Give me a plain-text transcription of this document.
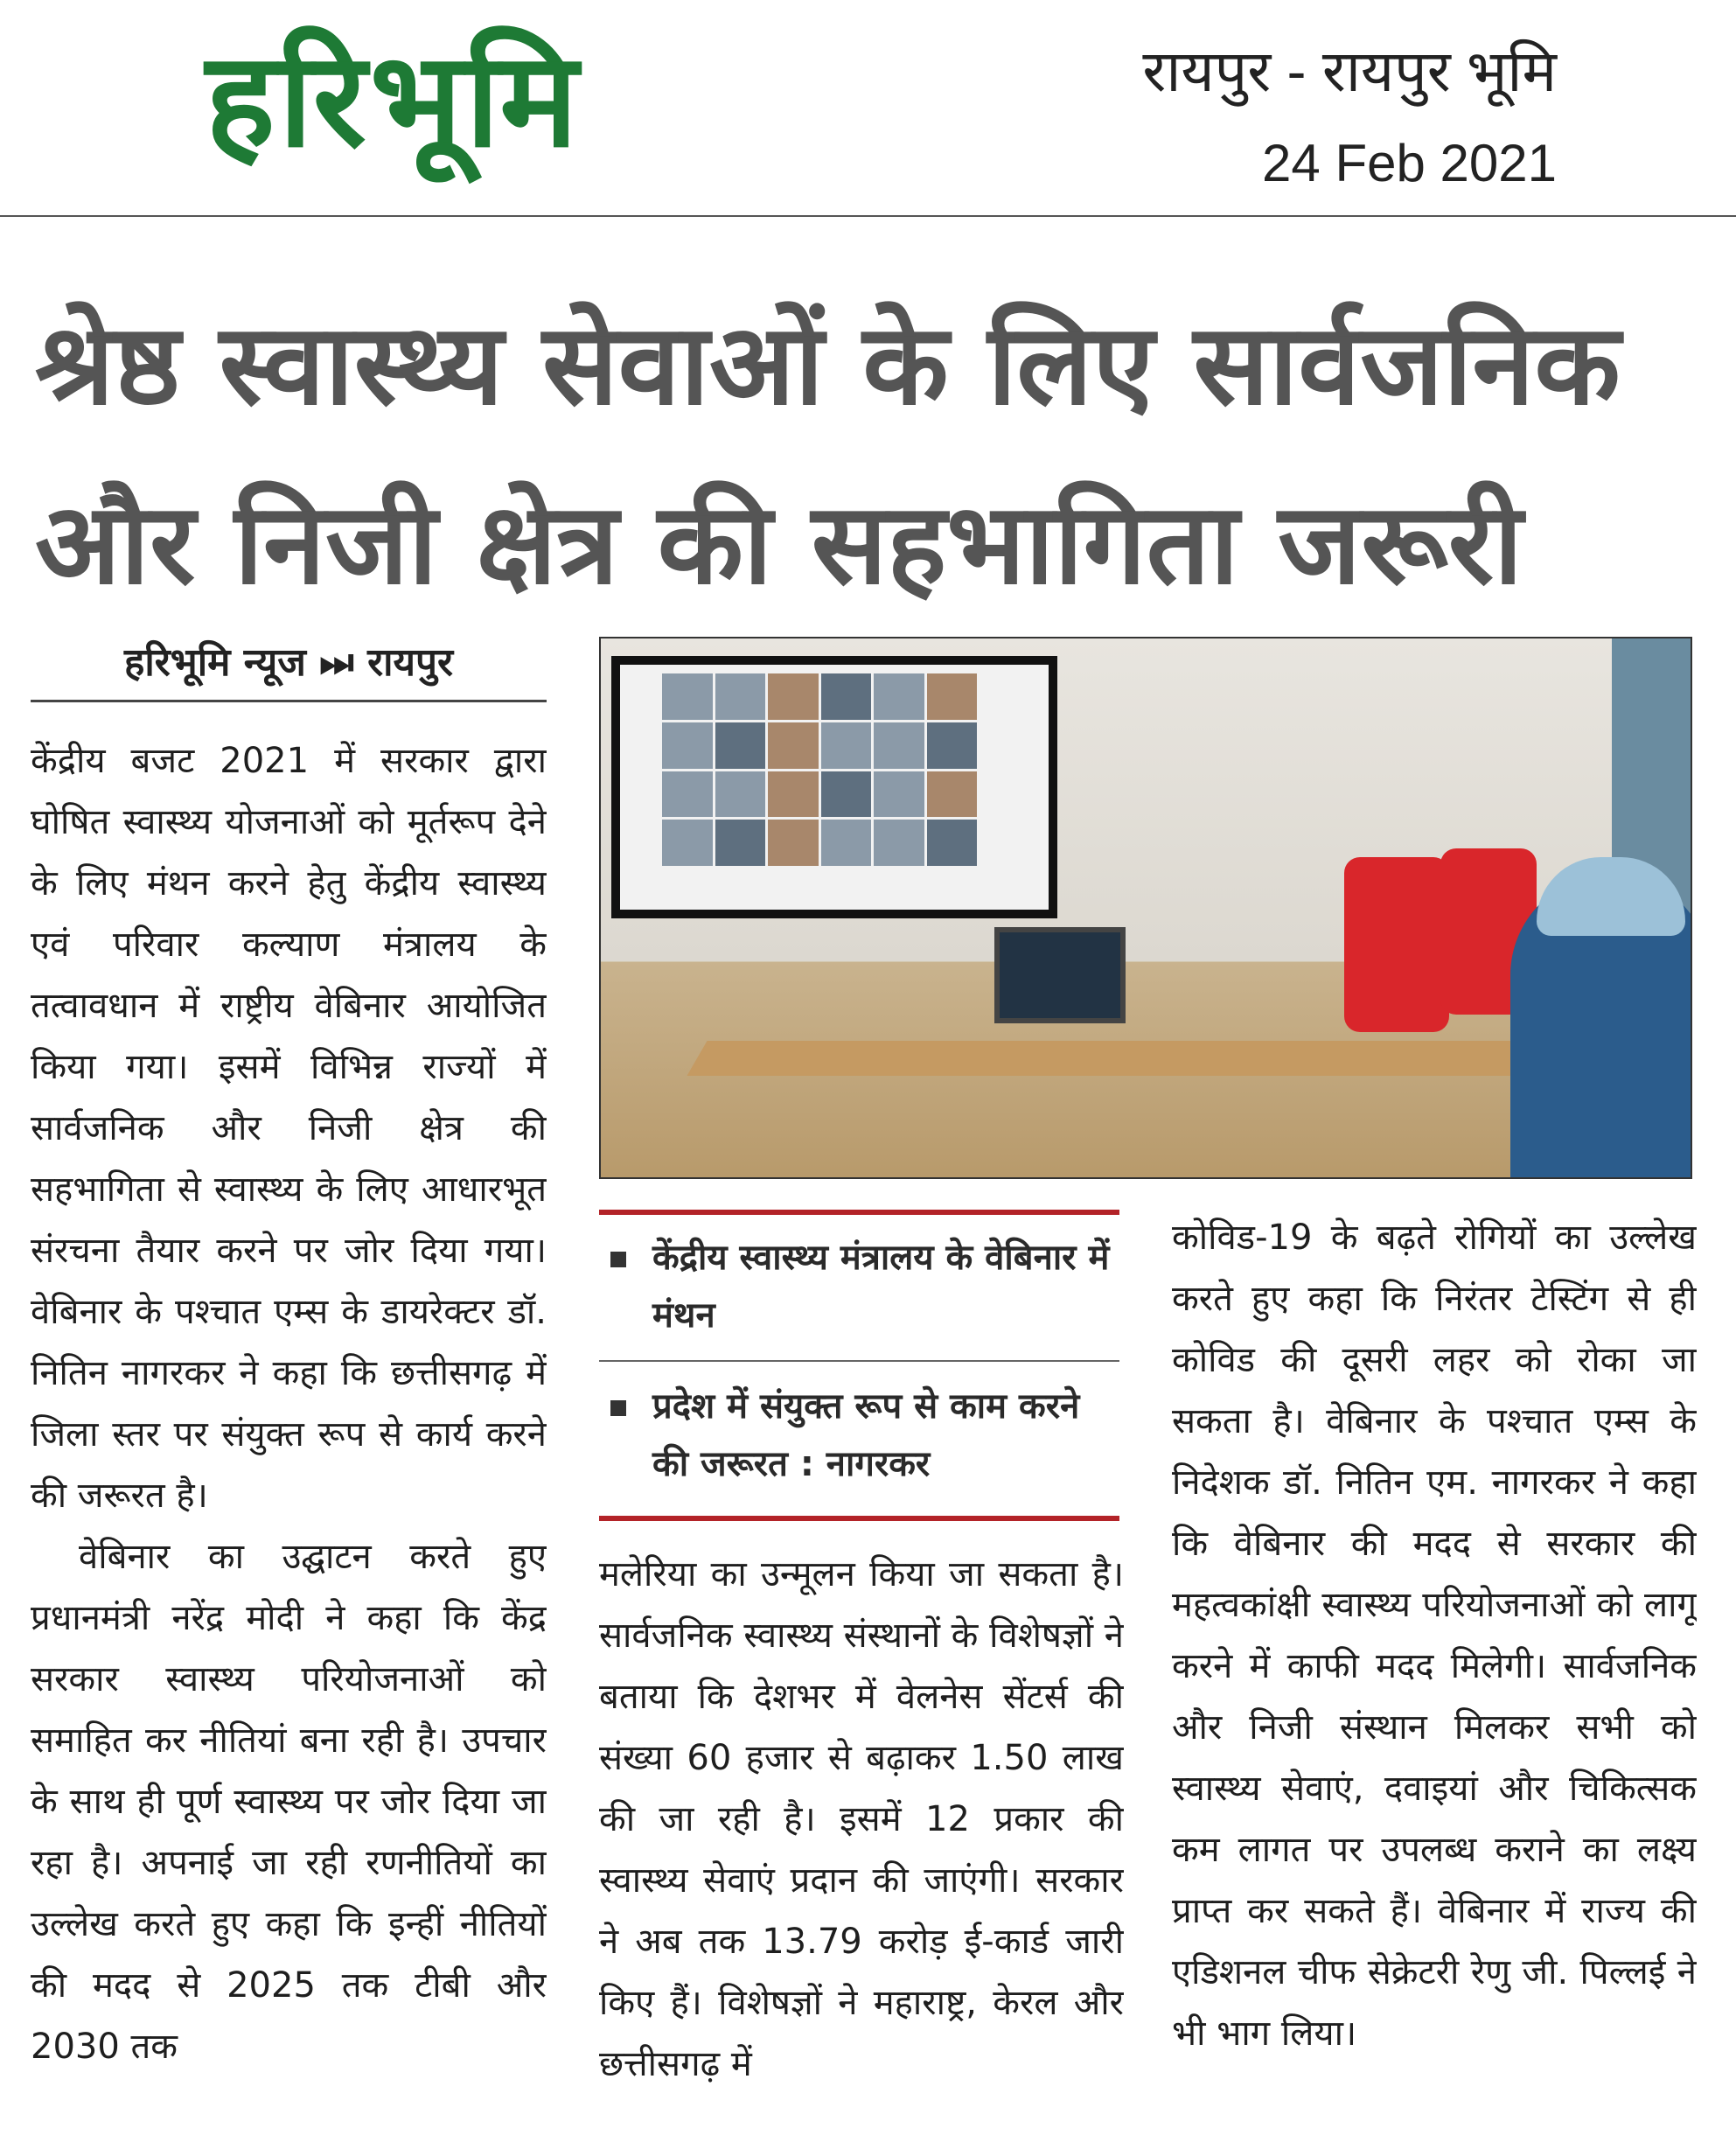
हरिभूमि	रायपुर - रायपुर भूमि
24 Feb 2021
श्रेष्ठ स्वास्थ्य सेवाओं के लिए सार्वजनिक
और निजी क्षेत्र की सहभागिता जरूरी
हरिभूमि न्यूज ⏭ रायपुर

केंद्रीय बजट 2021 में सरकार द्वारा घोषित स्वास्थ्य योजनाओं को मूर्तरूप देने के लिए मंथन करने हेतु केंद्रीय स्वास्थ्य एवं परिवार कल्याण मंत्रालय के तत्वावधान में राष्ट्रीय वेबिनार आयोजित किया गया। इसमें विभिन्न राज्यों में सार्वजनिक और निजी क्षेत्र की सहभागिता से स्वास्थ्य के लिए आधारभूत संरचना तैयार करने पर जोर दिया गया। वेबिनार के पश्चात एम्स के डायरेक्टर डॉ. नितिन नागरकर ने कहा कि छत्तीसगढ़ में जिला स्तर पर संयुक्त रूप से कार्य करने की जरूरत है।

वेबिनार का उद्घाटन करते हुए प्रधानमंत्री नरेंद्र मोदी ने कहा कि केंद्र सरकार स्वास्थ्य परियोजनाओं को समाहित कर नीतियां बना रही है। उपचार के साथ ही पूर्ण स्वास्थ्य पर जोर दिया जा रहा है। अपनाई जा रही रणनीतियों का उल्लेख करते हुए कहा कि इन्हीं नीतियों की मदद से 2025 तक टीबी और 2030 तक

केंद्रीय स्वास्थ्य मंत्रालय के वेबिनार में मंथन
प्रदेश में संयुक्त रूप से काम करने की जरूरत : नागरकर

मलेरिया का उन्मूलन किया जा सकता है। सार्वजनिक स्वास्थ्य संस्थानों के विशेषज्ञों ने बताया कि देशभर में वेलनेस सेंटर्स की संख्या 60 हजार से बढ़ाकर 1.50 लाख की जा रही है। इसमें 12 प्रकार की स्वास्थ्य सेवाएं प्रदान की जाएंगी। सरकार ने अब तक 13.79 करोड़ ई-कार्ड जारी किए हैं। विशेषज्ञों ने महाराष्ट्र, केरल और छत्तीसगढ़ में

कोविड-19 के बढ़ते रोगियों का उल्लेख करते हुए कहा कि निरंतर टेस्टिंग से ही कोविड की दूसरी लहर को रोका जा सकता है। वेबिनार के पश्चात एम्स के निदेशक डॉ. नितिन एम. नागरकर ने कहा कि वेबिनार की मदद से सरकार की महत्वकांक्षी स्वास्थ्य परियोजनाओं को लागू करने में काफी मदद मिलेगी। सार्वजनिक और निजी संस्थान मिलकर सभी को स्वास्थ्य सेवाएं, दवाइयां और चिकित्सक कम लागत पर उपलब्ध कराने का लक्ष्य प्राप्त कर सकते हैं। वेबिनार में राज्य की एडिशनल चीफ सेक्रेटरी रेणु जी. पिल्लई ने भी भाग लिया।
